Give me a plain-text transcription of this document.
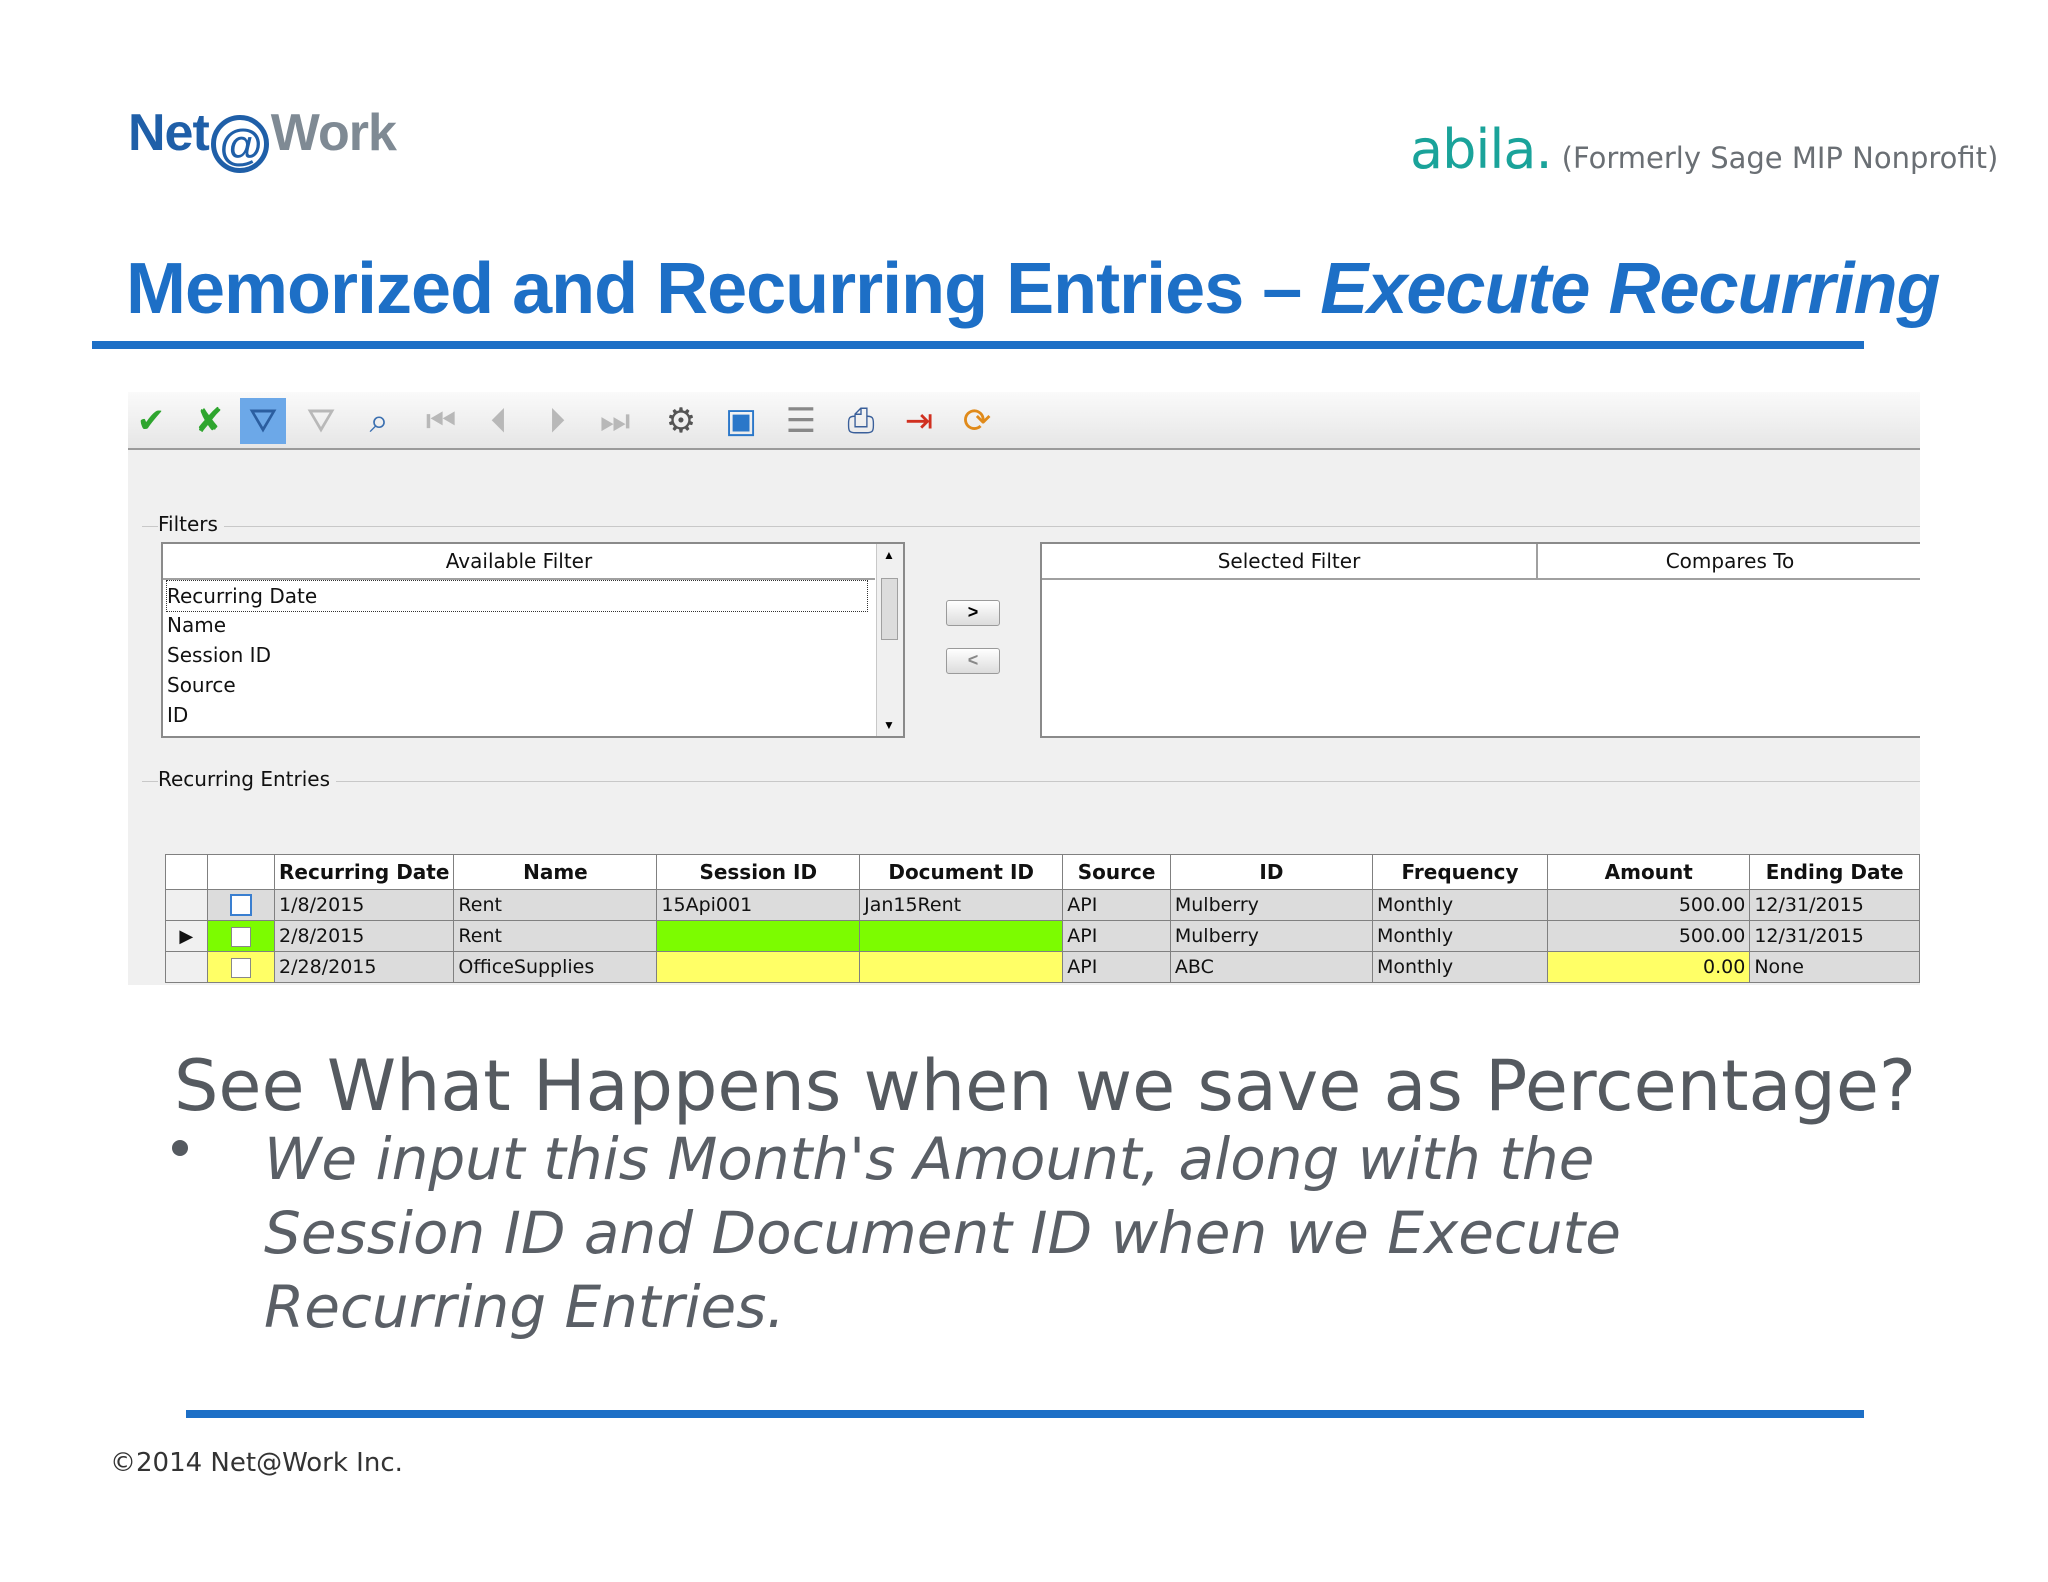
Net @ Work	abila. (Formerly Sage MIP Nonprofit)
Memorized and Recurring Entries – Execute Recurring
✔ ✘ ⛛ ⛛	⌕	⏮	⏴	⏵	⏭ ⚙ ▣ ☰ ⎙ ⇥ ⟳
Filters
Available Filter
Recurring Date
Name
Session ID
Source
ID
▲
▼
>
<
Selected Filter	Compares To
Recurring Entries
		Recurring Date	Name	Session ID	Document ID	Source	ID	Frequency	Amount	Ending Date
		1/8/2015	Rent	15Api001	Jan15Rent	API	Mulberry	Monthly	500.00	12/31/2015
▶		2/8/2015	Rent			API	Mulberry	Monthly	500.00	12/31/2015
		2/28/2015	OfficeSupplies			API	ABC	Monthly	0.00	None
See What Happens when we save as Percentage?
We input this Month's Amount, along with the Session ID and Document ID when we Execute Recurring Entries.
©2014 Net@Work Inc.
